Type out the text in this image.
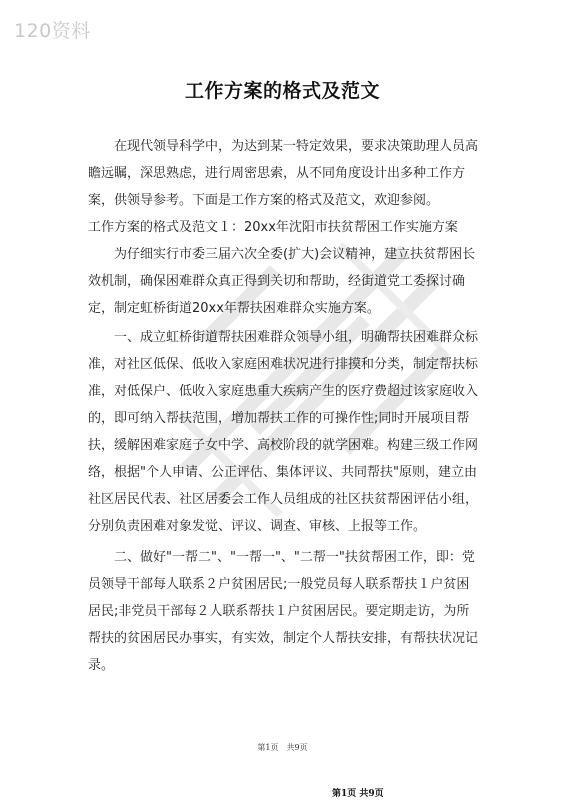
120资料
工作方案的格式及范文

在现代领导科学中，为达到某一特定效果，要求决策助理人员高瞻远瞩，深思熟虑，进行周密思索，从不同角度设计出多种工作方案，供领导参考。下面是工作方案的格式及范文，欢迎参阅。

工作方案的格式及范文１：20xx年沈阳市扶贫帮困工作实施方案

为仔细实行市委三届六次全委(扩大)会议精神，建立扶贫帮困长效机制，确保困难群众真正得到关切和帮助，经街道党工委探讨确定，制定虹桥街道20xx年帮扶困难群众实施方案。

一、成立虹桥街道帮扶困难群众领导小组，明确帮扶困难群众标准，对社区低保、低收入家庭困难状况进行排摸和分类，制定帮扶标准，对低保户、低收入家庭患重大疾病产生的医疗费超过该家庭收入的，即可纳入帮扶范围，增加帮扶工作的可操作性;同时开展项目帮扶，缓解困难家庭子女中学、高校阶段的就学困难。构建三级工作网络，根据"个人申请、公正评估、集体评议、共同帮扶"原则，建立由社区居民代表、社区居委会工作人员组成的社区扶贫帮困评估小组，分别负责困难对象发觉、评议、调查、审核、上报等工作。

二、做好"一帮二"、"一帮一"、"二帮一"扶贫帮困工作，即：党员领导干部每人联系２户贫困居民;一般党员每人联系帮扶１户贫困居民;非党员干部每２人联系帮扶１户贫困居民。要定期走访，为所帮扶的贫困居民办事实，有实效，制定个人帮扶安排，有帮扶状况记录。

第1页　共9页
第1页 共9页
